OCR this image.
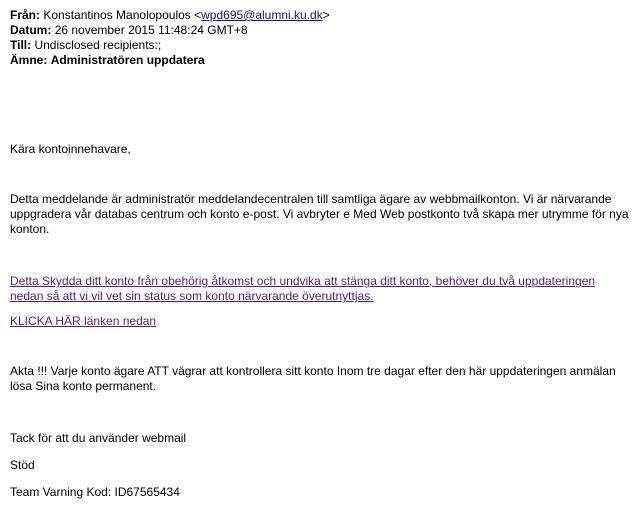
Från: Konstantinos Manolopoulos <wpd695@alumni.ku.dk>
Datum: 26 november 2015 11:48:24 GMT+8
Till: Undisclosed recipients:;
Ämne: Administratören uppdatera
Kära kontoinnehavare,
Detta meddelande är administratör meddelandecentralen till samtliga ägare av webbmailkonton. Vi är närvarande uppgradera vår databas centrum och konto e-post. Vi avbryter e Med Web postkonto två skapa mer utrymme för nya konton.
Detta Skydda ditt konto från obehörig åtkomst och undvika att stänga ditt konto, behöver du två uppdateringen nedan så att vi vil vet sin status som konto närvarande överutnyttjas.
KLICKA HÄR länken nedan
Akta !!! Varje konto ägare ATT vägrar att kontrollera sitt konto Inom tre dagar efter den här uppdateringen anmälan lösa Sina konto permanent.
Tack för att du använder webmail
Stöd
Team Varning Kod: ID67565434
